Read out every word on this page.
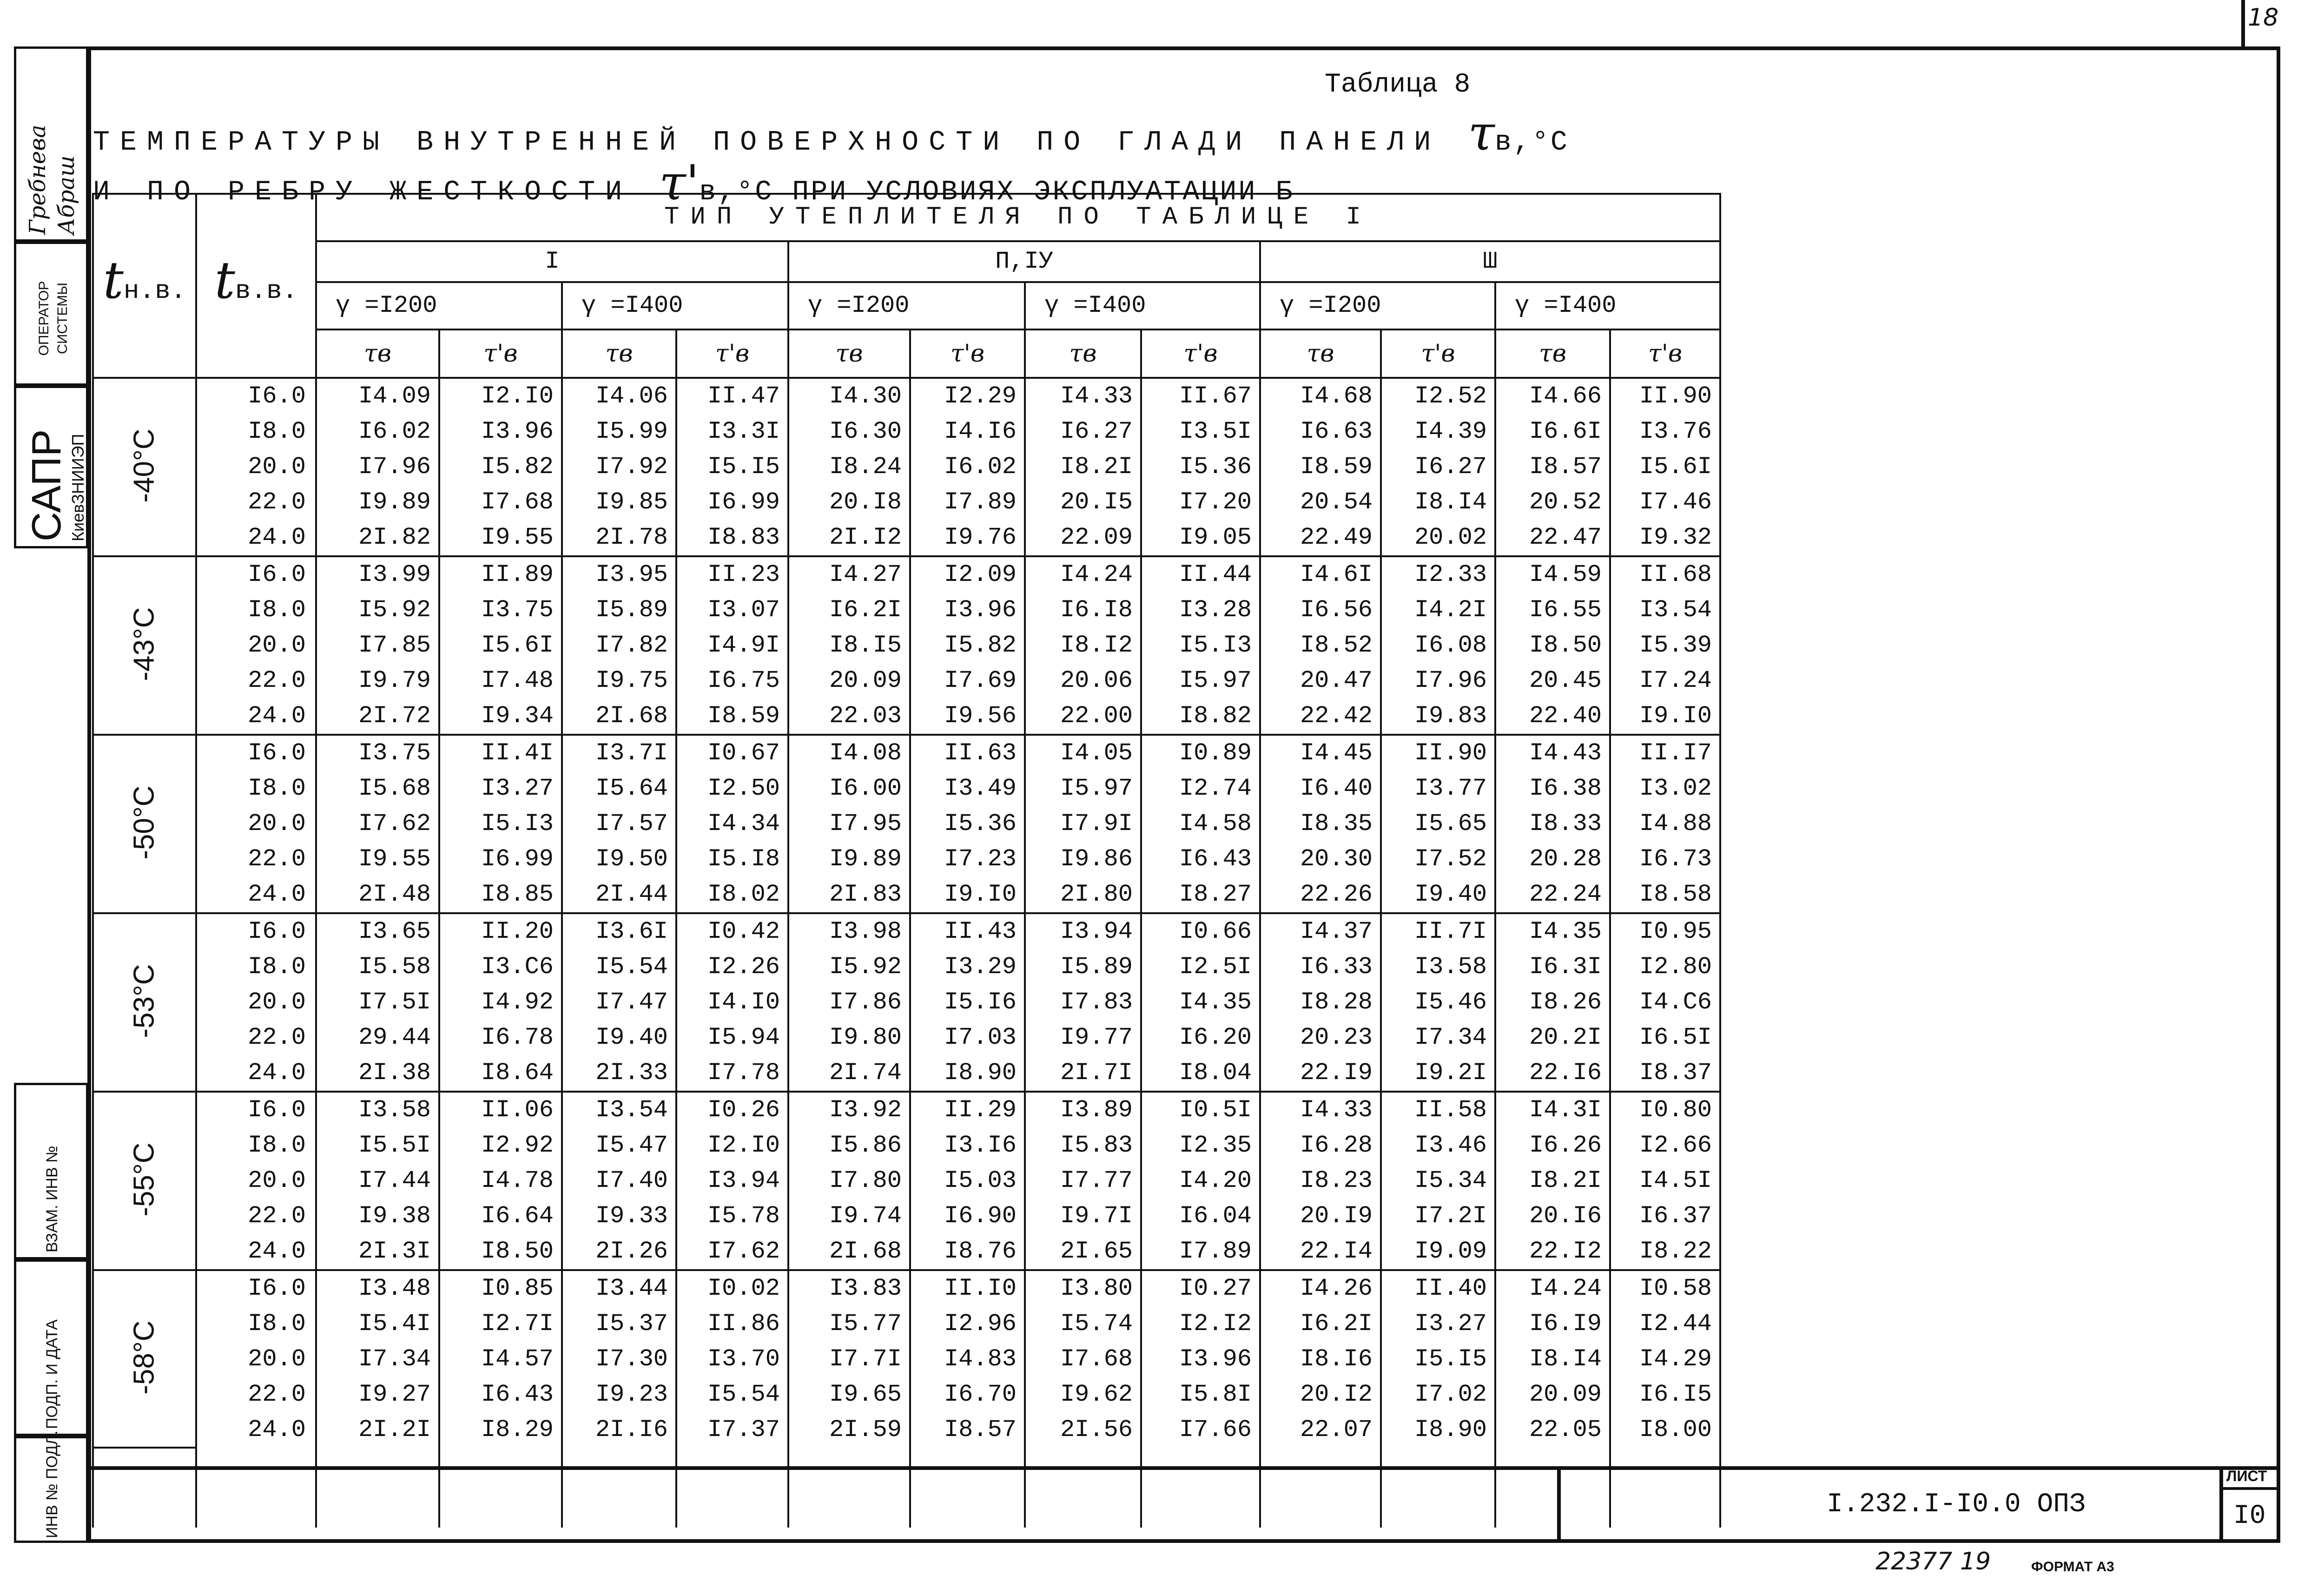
18
Таблица 8
ТЕМПЕРАТУРЫ ВНУТРЕННЕЙ ПОВЕРХНОСТИ ПО ГЛАДИ ПАНЕЛИ τв,°С
И ПО РЕБРУ ЖЕСТКОСТИ τ'в,°С ПРИ УСЛОВИЯХ ЭКСПЛУАТАЦИИ Б
Гребнева Абраш
ОПЕРАТОР СИСТЕМЫ
САПР
КиевЗНИИЭП
ВЗАМ. ИНВ №
ПОДП. И ДАТА
ИНВ № ПОДЛ.
tн.в.	tв.в.	ТИП УТЕПЛИТЕЛЯ ПО ТАБЛИЦЕ I											
		I				П,IУ				Ш			
		γ =I200		γ =I400		γ =I200		γ =I400		γ =I200		γ =I400	
		τв	τ'в	τв	τ'в	τв	τ'в	τв	τ'в	τв	τ'в	τв	τ'в
-40°C	I6.0	I4.09	I2.I0	I4.06	II.47	I4.30	I2.29	I4.33	II.67	I4.68	I2.52	I4.66	II.90
	I8.0	I6.02	I3.96	I5.99	I3.3I	I6.30	I4.I6	I6.27	I3.5I	I6.63	I4.39	I6.6I	I3.76
	20.0	I7.96	I5.82	I7.92	I5.I5	I8.24	I6.02	I8.2I	I5.36	I8.59	I6.27	I8.57	I5.6I
	22.0	I9.89	I7.68	I9.85	I6.99	20.I8	I7.89	20.I5	I7.20	20.54	I8.I4	20.52	I7.46
	24.0	2I.82	I9.55	2I.78	I8.83	2I.I2	I9.76	22.09	I9.05	22.49	20.02	22.47	I9.32
-43°C	I6.0	I3.99	II.89	I3.95	II.23	I4.27	I2.09	I4.24	II.44	I4.6I	I2.33	I4.59	II.68
	I8.0	I5.92	I3.75	I5.89	I3.07	I6.2I	I3.96	I6.I8	I3.28	I6.56	I4.2I	I6.55	I3.54
	20.0	I7.85	I5.6I	I7.82	I4.9I	I8.I5	I5.82	I8.I2	I5.I3	I8.52	I6.08	I8.50	I5.39
	22.0	I9.79	I7.48	I9.75	I6.75	20.09	I7.69	20.06	I5.97	20.47	I7.96	20.45	I7.24
	24.0	2I.72	I9.34	2I.68	I8.59	22.03	I9.56	22.00	I8.82	22.42	I9.83	22.40	I9.I0
-50°C	I6.0	I3.75	II.4I	I3.7I	I0.67	I4.08	II.63	I4.05	I0.89	I4.45	II.90	I4.43	II.I7
	I8.0	I5.68	I3.27	I5.64	I2.50	I6.00	I3.49	I5.97	I2.74	I6.40	I3.77	I6.38	I3.02
	20.0	I7.62	I5.I3	I7.57	I4.34	I7.95	I5.36	I7.9I	I4.58	I8.35	I5.65	I8.33	I4.88
	22.0	I9.55	I6.99	I9.50	I5.I8	I9.89	I7.23	I9.86	I6.43	20.30	I7.52	20.28	I6.73
	24.0	2I.48	I8.85	2I.44	I8.02	2I.83	I9.I0	2I.80	I8.27	22.26	I9.40	22.24	I8.58
-53°C	I6.0	I3.65	II.20	I3.6I	I0.42	I3.98	II.43	I3.94	I0.66	I4.37	II.7I	I4.35	I0.95
	I8.0	I5.58	I3.C6	I5.54	I2.26	I5.92	I3.29	I5.89	I2.5I	I6.33	I3.58	I6.3I	I2.80
	20.0	I7.5I	I4.92	I7.47	I4.I0	I7.86	I5.I6	I7.83	I4.35	I8.28	I5.46	I8.26	I4.C6
	22.0	29.44	I6.78	I9.40	I5.94	I9.80	I7.03	I9.77	I6.20	20.23	I7.34	20.2I	I6.5I
	24.0	2I.38	I8.64	2I.33	I7.78	2I.74	I8.90	2I.7I	I8.04	22.I9	I9.2I	22.I6	I8.37
-55°C	I6.0	I3.58	II.06	I3.54	I0.26	I3.92	II.29	I3.89	I0.5I	I4.33	II.58	I4.3I	I0.80
	I8.0	I5.5I	I2.92	I5.47	I2.I0	I5.86	I3.I6	I5.83	I2.35	I6.28	I3.46	I6.26	I2.66
	20.0	I7.44	I4.78	I7.40	I3.94	I7.80	I5.03	I7.77	I4.20	I8.23	I5.34	I8.2I	I4.5I
	22.0	I9.38	I6.64	I9.33	I5.78	I9.74	I6.90	I9.7I	I6.04	20.I9	I7.2I	20.I6	I6.37
	24.0	2I.3I	I8.50	2I.26	I7.62	2I.68	I8.76	2I.65	I7.89	22.I4	I9.09	22.I2	I8.22
-58°C	I6.0	I3.48	I0.85	I3.44	I0.02	I3.83	II.I0	I3.80	I0.27	I4.26	II.40	I4.24	I0.58
	I8.0	I5.4I	I2.7I	I5.37	II.86	I5.77	I2.96	I5.74	I2.I2	I6.2I	I3.27	I6.I9	I2.44
	20.0	I7.34	I4.57	I7.30	I3.70	I7.7I	I4.83	I7.68	I3.96	I8.I6	I5.I5	I8.I4	I4.29
	22.0	I9.27	I6.43	I9.23	I5.54	I9.65	I6.70	I9.62	I5.8I	20.I2	I7.02	20.09	I6.I5
	24.0	2I.2I	I8.29	2I.I6	I7.37	2I.59	I8.57	2I.56	I7.66	22.07	I8.90	22.05	I8.00

I.232.I-I0.0 ОПЗ
ЛИСТ
I0
22377 19	ФОРМАТ А3
